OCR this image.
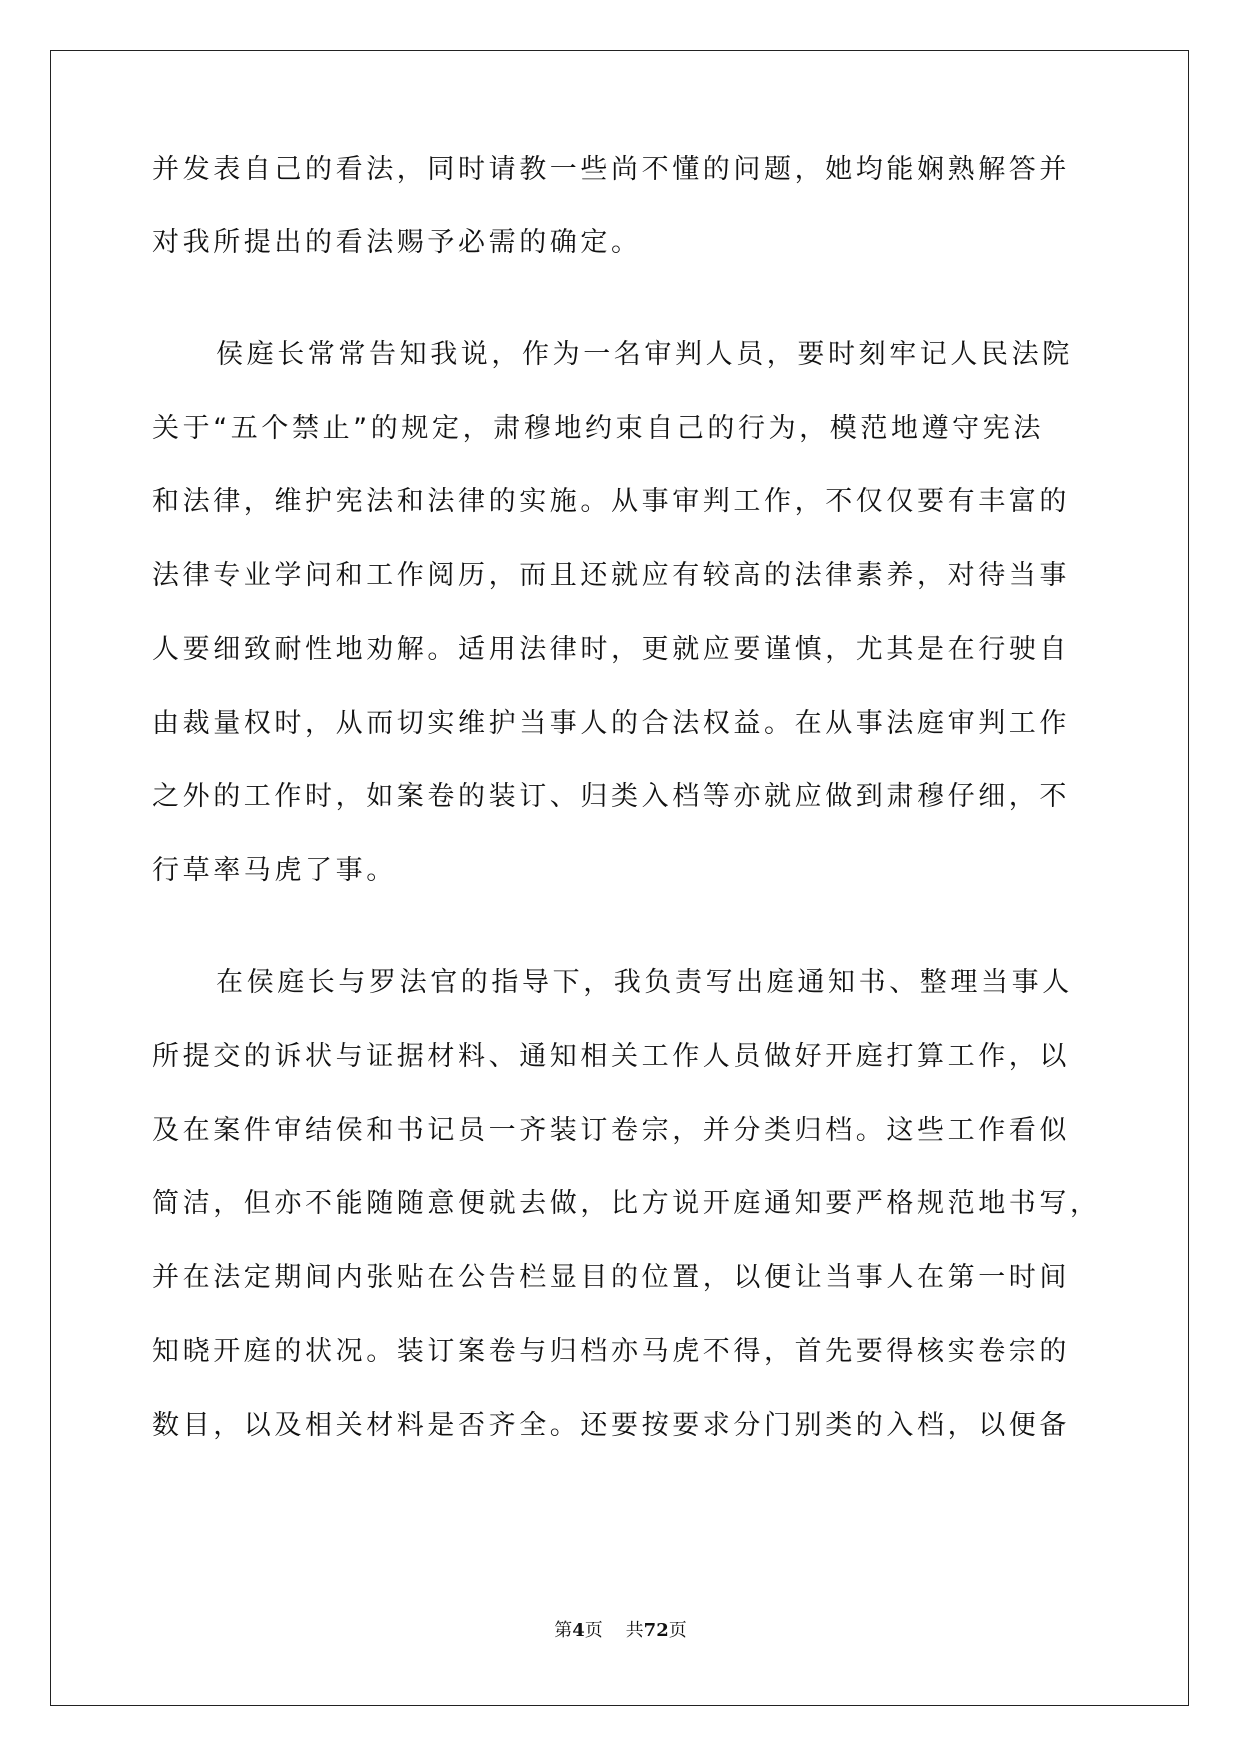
并发表自己的看法，同时请教一些尚不懂的问题，她均能娴熟解答并
对我所提出的看法赐予必需的确定。
侯庭长常常告知我说，作为一名审判人员，要时刻牢记人民法院
关于“五个禁止”的规定，肃穆地约束自己的行为，模范地遵守宪法
和法律，维护宪法和法律的实施。从事审判工作，不仅仅要有丰富的
法律专业学问和工作阅历，而且还就应有较高的法律素养，对待当事
人要细致耐性地劝解。适用法律时，更就应要谨慎，尤其是在行驶自
由裁量权时，从而切实维护当事人的合法权益。在从事法庭审判工作
之外的工作时，如案卷的装订、归类入档等亦就应做到肃穆仔细，不
行草率马虎了事。
在侯庭长与罗法官的指导下，我负责写出庭通知书、整理当事人
所提交的诉状与证据材料、通知相关工作人员做好开庭打算工作，以
及在案件审结侯和书记员一齐装订卷宗，并分类归档。这些工作看似
简洁，但亦不能随随意便就去做，比方说开庭通知要严格规范地书写，
并在法定期间内张贴在公告栏显目的位置，以便让当事人在第一时间
知晓开庭的状况。装订案卷与归档亦马虎不得，首先要得核实卷宗的
数目，以及相关材料是否齐全。还要按要求分门别类的入档，以便备
第4页 共72页
